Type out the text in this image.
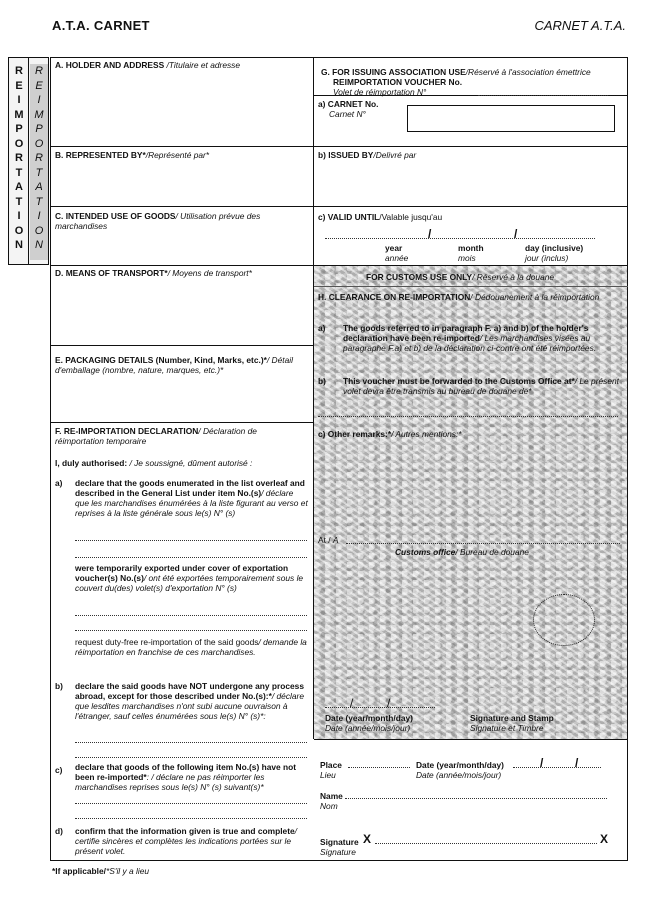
A.T.A. CARNET	CARNET A.T.A.
R
E
I
M
P
O
R
T
A
T
I
O
N
R
E
I
M
P
O
R
T
A
T
I
O
N
A. HOLDER AND ADDRESS /Titulaire et adresse
B. REPRESENTED BY*/Représenté par*
C. INTENDED USE OF GOODS/ Utilisation prévue des marchandises
D. MEANS OF TRANSPORT*/ Moyens de transport*
E. PACKAGING DETAILS (Number, Kind, Marks, etc.)*/ Détail d'emballage (nombre, nature, marques, etc.)*
F. RE-IMPORTATION DECLARATION/ Déclaration de réimportation temporaire
I, duly authorised: / Je soussigné, dûment autorisé :
a) declare that the goods enumerated in the list overleaf and described in the General List under item No.(s)/ déclare que les marchandises énumérées à la liste figurant au verso et reprises à la liste générale sous le(s) N° (s)
were temporarily exported under cover of exportation voucher(s) No.(s)/ ont été exportées temporairement sous le couvert du(des) volet(s) d'exportation N° (s)
request duty-free re-importation of the said goods/ demande la réimportation en franchise de ces marchandises.
b) declare the said goods have NOT undergone any process abroad, except for those described under No.(s):*/ déclare que lesdites marchandises n'ont subi aucune ouvraison à l'étranger, sauf celles énumérées sous le(s) N° (s)*:
c) declare that goods of the following item No.(s) have not been re-imported*: / déclare ne pas réimporter les marchandises reprises sous le(s) N° (s) suivant(s)*
d) confirm that the information given is true and complete/ certifie sincères et complètes les indications portées sur le présent volet.
G. FOR ISSUING ASSOCIATION USE/Réservé à l'association émettrice
REIMPORTATION VOUCHER No.
Volet de réimportation N°
a) CARNET No.
Carnet N°
b) ISSUED BY/Delivré par
c) VALID UNTIL/Valable jusqu'au
/	/
year
année
month
mois
day (inclusive)
jour (inclus)
FOR CUSTOMS USE ONLY/ Réservé à la douane
H. CLEARANCE ON RE-IMPORTATION/ Dédouanement à la réimportation
a) The goods referred to in paragraph F. a) and b) of the holder's declaration have been re-imported/ Les marchandises visées au paragraphe F.a) et b) de la déclaration ci-contre ont été réimportées.
b) This voucher must be forwarded to the Customs Office at*/ Le présent volet devra être transmis au bureau de douane de*
c) Other remarks:*/ Autres mentions:*
At / A
Customs office/ Bureau de douane
/	/
Date (year/month/day)
Date (année/mois/jour)
Signature and Stamp
Signature et Timbre
Place
Lieu
Date (year/month/day)
Date (année/mois/jour)
/	/
Name
Nom
Signature
Signature
X	X
*If applicable/*S'il y a lieu
